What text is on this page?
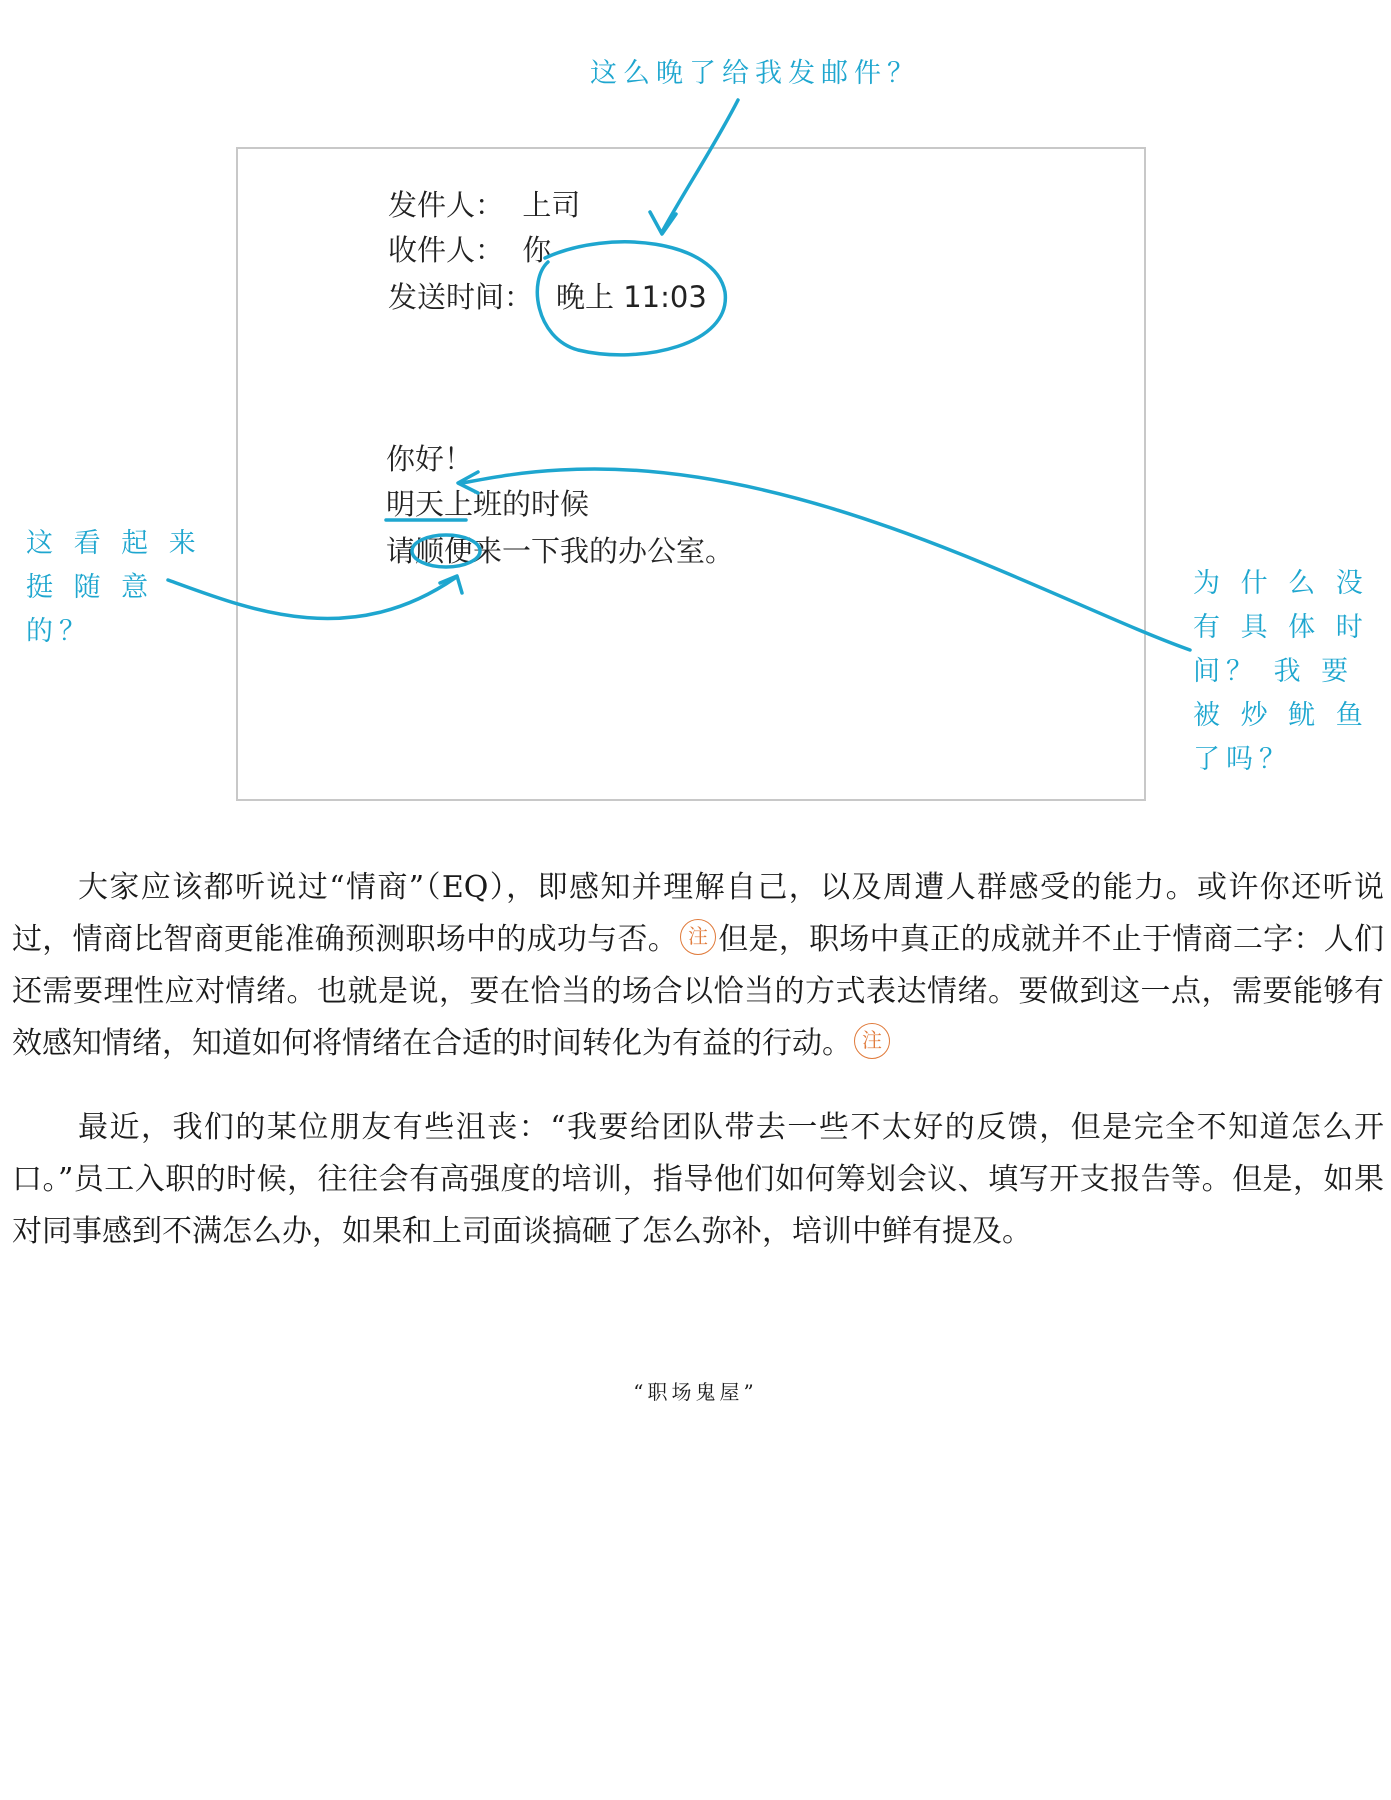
发件人：  上司
收件人：  你
发送时间： 晚上 11:03
你好！
明天上班的时候
请顺便来一下我的办公室。
这么晚了给我发邮件？
这 看 起 来
挺 随 意
的？
为 什 么 没
有 具 体 时
间？ 我 要
被 炒 鱿 鱼
了吗？

大家应该都听说过“情商”（EQ），即感知并理解自己，以及周遭人群感受的能力。或许你还听说过，情商比智商更能准确预测职场中的成功与否。 注 但是，职场中真正的成就并不止于情商二字：人们还需要理性应对情绪。也就是说，要在恰当的场合以恰当的方式表达情绪。要做到这一点，需要能够有效感知情绪，知道如何将情绪在合适的时间转化为有益的行动。 注

最近，我们的某位朋友有些沮丧：“我要给团队带去一些不太好的反馈，但是完全不知道怎么开口。”员工入职的时候，往往会有高强度的培训，指导他们如何筹划会议、填写开支报告等。但是，如果对同事感到不满怎么办，如果和上司面谈搞砸了怎么弥补，培训中鲜有提及。

“职场鬼屋”
